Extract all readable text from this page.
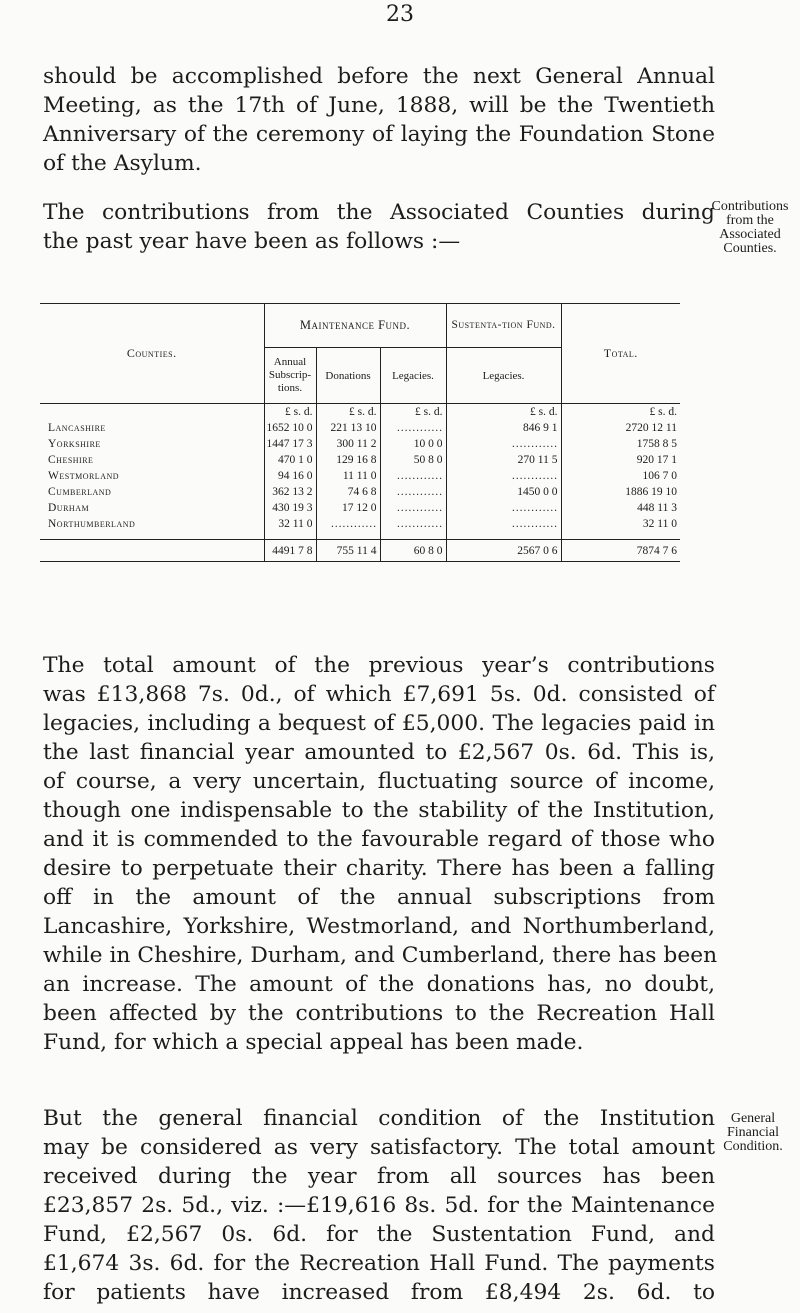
23

should be accomplished before the next General Annual
Meeting, as the 17th of June, 1888, will be the Twentieth
Anniversary of the ceremony of laying the Foundation Stone
of the Asylum.

The contributions from the Associated Counties during
the past year have been as follows :—

Contributions
from the
Associated
Counties.
Counties.	Maintenance Fund.			Sustenta-tion Fund.	Total.
	Annual Subscrip-tions.	Donations	Legacies.	Legacies.	
	£ s. d.	£ s. d.	£ s. d.	£ s. d.	£ s. d.
Lancashire	1652 10 0	221 13 10	…………	846 9 1	2720 12 11
Yorkshire	1447 17 3	300 11 2	10 0 0	…………	1758 8 5
Cheshire	470 1 0	129 16 8	50 8 0	270 11 5	920 17 1
Westmorland	94 16 0	11 11 0	…………	…………	106 7 0
Cumberland	362 13 2	74 6 8	…………	1450 0 0	1886 19 10
Durham	430 19 3	17 12 0	…………	…………	448 11 3
Northumberland	32 11 0	…………	…………	…………	32 11 0

	4491 7 8	755 11 4	60 8 0	2567 0 6	7874 7 6

The total amount of the previous year’s contributions
was £13,868 7s. 0d., of which £7,691 5s. 0d. consisted of
legacies, including a bequest of £5,000. The legacies paid in
the last financial year amounted to £2,567 0s. 6d. This is,
of course, a very uncertain, fluctuating source of income,
though one indispensable to the stability of the Institution,
and it is commended to the favourable regard of those who
desire to perpetuate their charity. There has been a falling
off in the amount of the annual subscriptions from
Lancashire, Yorkshire, Westmorland, and Northumberland,
while in Cheshire, Durham, and Cumberland, there has been
an increase. The amount of the donations has, no doubt,
been affected by the contributions to the Recreation Hall
Fund, for which a special appeal has been made.

But the general financial condition of the Institution
may be considered as very satisfactory. The total amount
received during the year from all sources has been
£23,857 2s. 5d., viz. :—£19,616 8s. 5d. for the Maintenance
Fund, £2,567 0s. 6d. for the Sustentation Fund, and
£1,674 3s. 6d. for the Recreation Hall Fund. The payments
for patients have increased from £8,494 2s. 6d. to

General
Financial
Condition.
